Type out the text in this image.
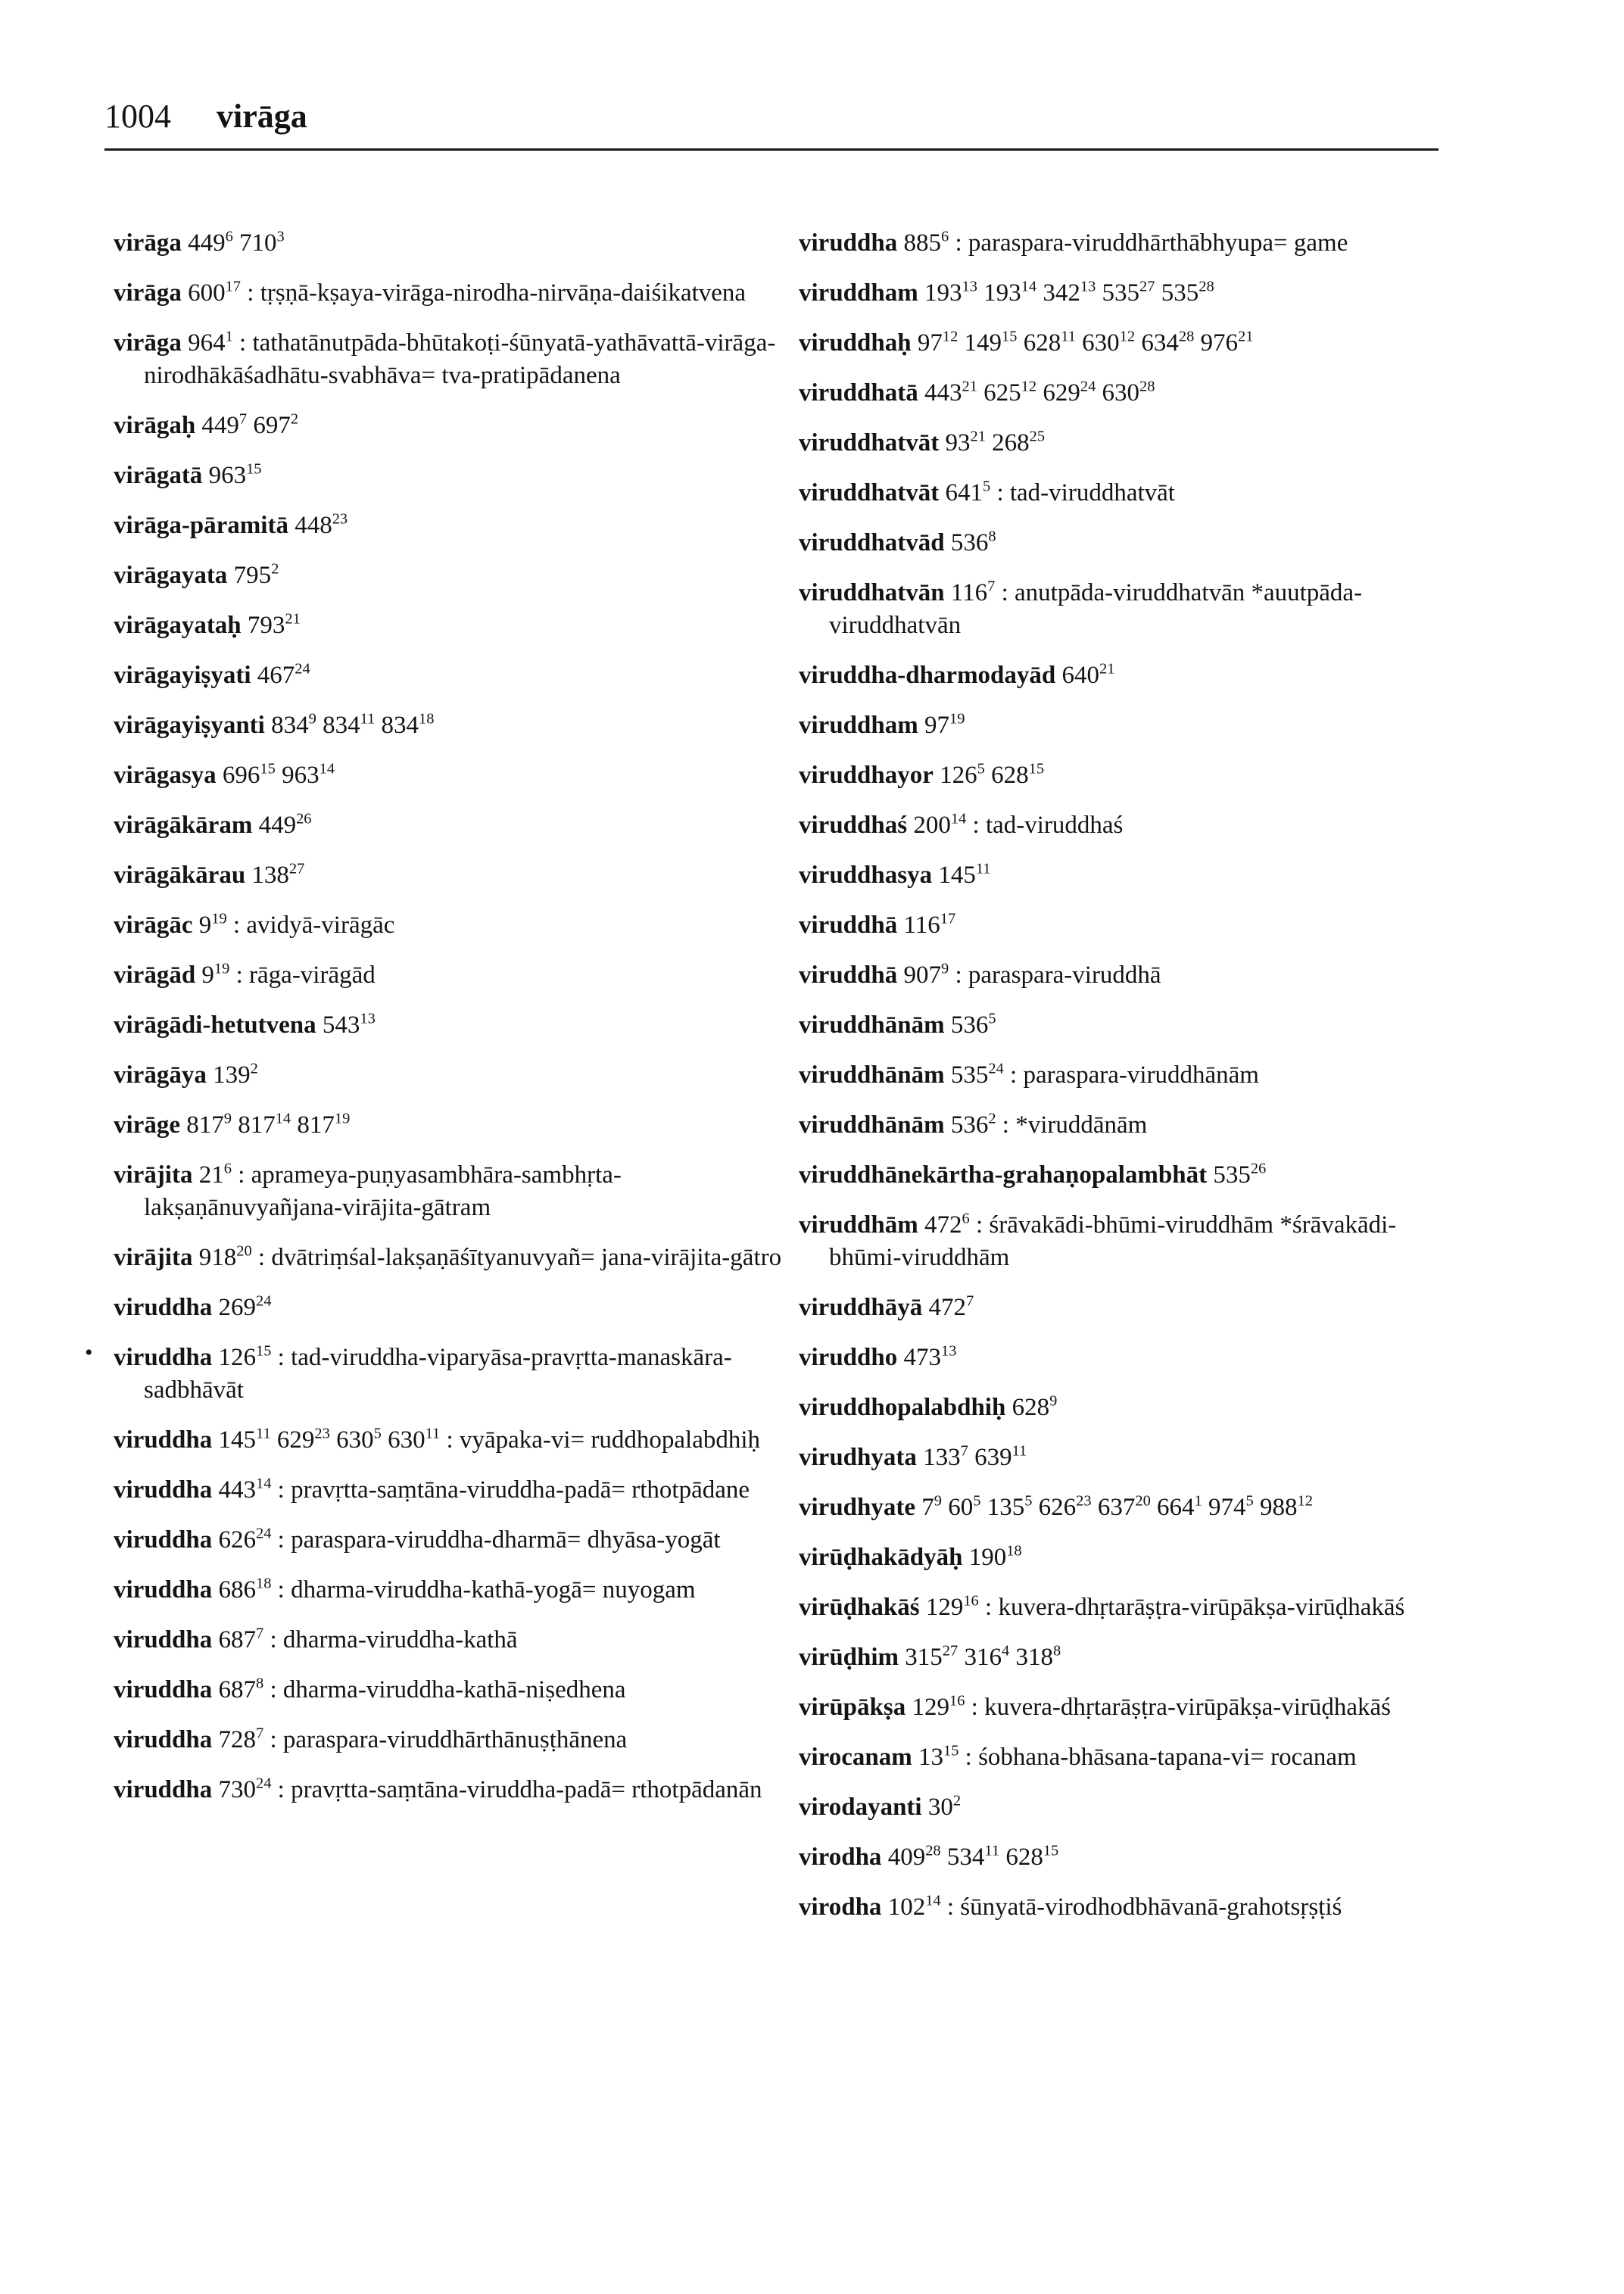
1004 virāga
virāga $449^6$ $710^3$
virāga $600^{17}$ : tṛṣṇā-kṣaya-virāga-nirodha-nirvāṇa-daiśikatvena
virāga $964^1$ : tathatānutpāda-bhūtakoṭi-śūnyatā-yathāvattā-virāga-nirodhākāśadhātu-svabhāva= tva-pratipādanena
virāgaḥ $449^7$ $697^2$
virāgatā $963^{15}$
virāga-pāramitā $448^{23}$
virāgayata $795^2$
virāgayataḥ $793^{21}$
virāgayiṣyati $467^{24}$
virāgayiṣyanti $834^9$ $834^{11}$ $834^{18}$
virāgasya $696^{15}$ $963^{14}$
virāgākāram $449^{26}$
virāgākārau $138^{27}$
virāgāc $9^{19}$ : avidyā-virāgāc
virāgād $9^{19}$ : rāga-virāgād
virāgādi-hetutvena $543^{13}$
virāgāya $139^2$
virāge $817^9$ $817^{14}$ $817^{19}$
virājita $21^6$ : aprameya-puṇyasambhāra-sambhṛta-lakṣaṇānuvyañjana-virājita-gātram
virājita $918^{20}$ : dvātriṃśal-lakṣaṇāśītyanuvyañ= jana-virājita-gātro
viruddha $269^{24}$
viruddha $126^{15}$ : tad-viruddha-viparyāsa-pravṛtta-manaskāra-sadbhāvāt
viruddha $145^{11}$ $629^{23}$ $630^5$ $630^{11}$ : vyāpaka-vi= ruddhopalabdhiḥ
viruddha $443^{14}$ : pravṛtta-saṃtāna-viruddha-padā= rthotpādane
viruddha $626^{24}$ : paraspara-viruddha-dharmā= dhyāsa-yogāt
viruddha $686^{18}$ : dharma-viruddha-kathā-yogā= nuyogam
viruddha $687^7$ : dharma-viruddha-kathā
viruddha $687^8$ : dharma-viruddha-kathā-niṣedhena
viruddha $728^7$ : paraspara-viruddhārthānuṣṭhānena
viruddha $730^{24}$ : pravṛtta-saṃtāna-viruddha-padā= rthotpādanān
viruddha $885^6$ : paraspara-viruddhārthābhyupa= game
viruddham $193^{13}$ $193^{14}$ $342^{13}$ $535^{27}$ $535^{28}$
viruddhaḥ $97^{12}$ $149^{15}$ $628^{11}$ $630^{12}$ $634^{28}$ $976^{21}$
viruddhatā $443^{21}$ $625^{12}$ $629^{24}$ $630^{28}$
viruddhatvāt $93^{21}$ $268^{25}$
viruddhatvāt $641^5$ : tad-viruddhatvāt
viruddhatvād $536^8$
viruddhatvān $116^7$ : anutpāda-viruddhatvān *auutpāda-viruddhatvān
viruddha-dharmodayād $640^{21}$
viruddham $97^{19}$
viruddhayor $126^5$ $628^{15}$
viruddhaś $200^{14}$ : tad-viruddhaś
viruddhasya $145^{11}$
viruddhā $116^{17}$
viruddhā $907^9$ : paraspara-viruddhā
viruddhānām $536^5$
viruddhānām $535^{24}$ : paraspara-viruddhānām
viruddhānām $536^2$ : *viruddānām
viruddhānekārtha-grahaṇopalambhāt $535^{26}$
viruddhām $472^6$ : śrāvakādi-bhūmi-viruddhām *śrāvakādi-bhūmi-viruddhām
viruddhāyā $472^7$
viruddho $473^{13}$
viruddhopalabdhiḥ $628^9$
virudhyata $133^7$ $639^{11}$
virudhyate $7^9$ $60^5$ $135^5$ $626^{23}$ $637^{20}$ $664^1$ $974^5$ $988^{12}$
virūḍhakādyāḥ $190^{18}$
virūḍhakāś $129^{16}$ : kuvera-dhṛtarāṣṭra-virūpākṣa-virūḍhakāś
virūḍhim $315^{27}$ $316^4$ $318^8$
virūpākṣa $129^{16}$ : kuvera-dhṛtarāṣṭra-virūpākṣa-virūḍhakāś
virocanam $13^{15}$ : śobhana-bhāsana-tapana-vi= rocanam
virodayanti $30^2$
virodha $409^{28}$ $534^{11}$ $628^{15}$
virodha $102^{14}$ : śūnyatā-virodhodbhāvanā-grahotsṛṣṭiś
•
